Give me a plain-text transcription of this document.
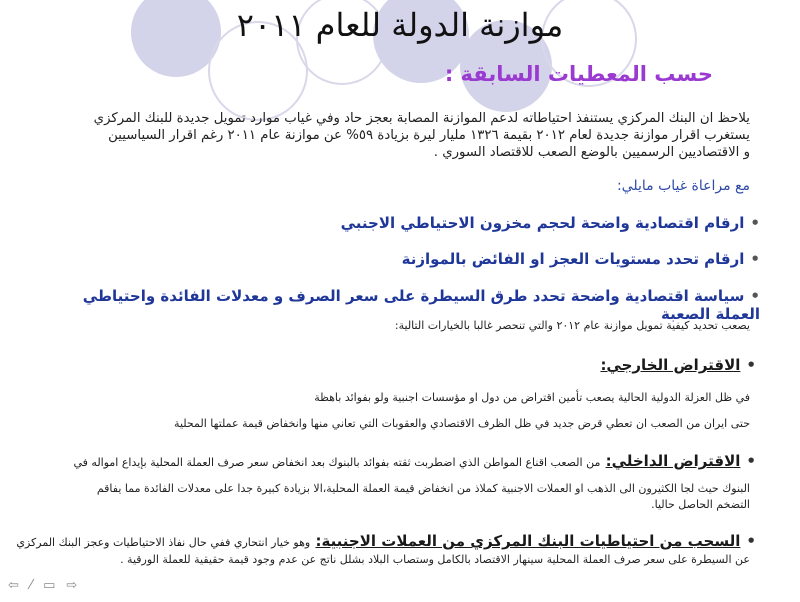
موازنة الدولة للعام ٢٠١١
حسب المعطيات السابقة :
يلاحظ ان البنك المركزي يستنفذ احتياطاته لدعم الموازنة المصابة بعجز حاد وفي غياب موارد تمويل جديدة للبنك المركزي
يستغرب اقرار موازنة جديدة لعام ٢٠١٢ بقيمة ١٣٢٦ مليار ليرة بزيادة ٥٩% عن موازنة عام ٢٠١١ رغم اقرار السياسيين
و الاقتصاديين الرسميين بالوضع الصعب للاقتصاد السوري .
مع مراعاة غياب مايلي:
•ارقام اقتصادية واضحة لحجم مخزون الاحتياطي الاجنبي
•ارقام تحدد مستويات العجز او الفائض بالموازنة
•سياسة اقتصادية واضحة تحدد طرق السيطرة على سعر الصرف و معدلات الفائدة واحتياطي العملة الصعبة
يصعب تحديد كيفية تمويل موازنة عام ٢٠١٢ والتي تنحصر غالبا بالخيارات التالية:
•الاقتراض الخارجي:
في ظل العزلة الدولية الحالية يصعب تأمين اقتراض من دول او مؤسسات اجنبية ولو بفوائد باهظة
حتى ايران من الصعب ان تعطي قرض جديد في ظل الظرف الاقتصادي والعقوبات التي تعاني منها وانخفاض قيمة عملتها المحلية
•الاقتراض الداخلي: من الصعب اقناع المواطن الذي اضطربت ثقته بفوائد بالبنوك بعد انخفاض سعر صرف العملة المحلية بإيداع امواله في
البنوك حيث لجا الكثيرون الى الذهب او العملات الاجنبية كملاذ من انخفاض قيمة العملة المحلية،الا بزيادة كبيرة جدا على معدلات الفائدة مما يفاقم
التضخم الحاصل حاليا.
•السحب من احتياطيات البنك المركزي من العملات الاجنبية: وهو خيار انتحاري ففي حال نفاذ الاحتياطيات وعجز البنك المركزي
عن السيطرة على سعر صرف العملة المحلية سينهار الاقتصاد بالكامل وستصاب البلاد بشلل ناتج عن عدم وجود قيمة حقيقية للعملة الورقية .
⇦ ⁄ ▭ ⇨
